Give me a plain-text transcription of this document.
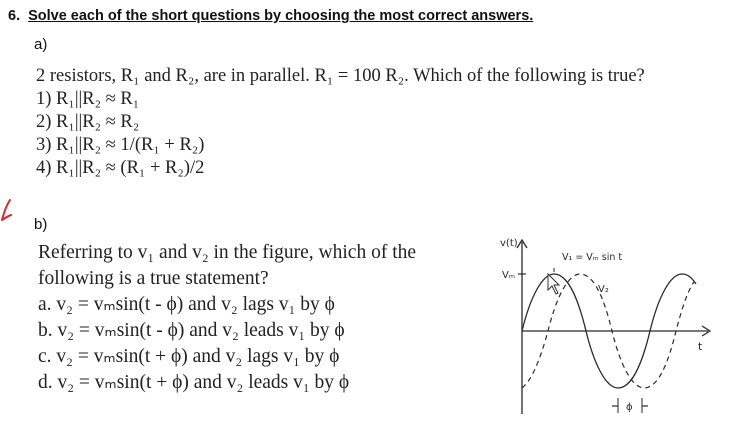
6. Solve each of the short questions by choosing the most correct answers.
a)
2 resistors, R₁ and R₂, are in parallel. R₁ = 100 R₂. Which of the following is true?
1) R₁||R₂ ≈ R₁
2) R₁||R₂ ≈ R₂
3) R₁||R₂ ≈ 1/(R₁ + R₂)
4) R₁||R₂ ≈ (R₁ + R₂)/2
b)
Referring to v₁ and v₂ in the figure, which of the
following is a true statement?
a. v₂ = vₘsin(t - ϕ) and v₂ lags v₁ by ϕ
b. v₂ = vₘsin(t - ϕ) and v₂ leads v₁ by ϕ
c. v₂ = vₘsin(t + ϕ) and v₂ lags v₁ by ϕ
d. v₂ = vₘsin(t + ϕ) and v₂ leads v₁ by ϕ
v(t)
Vₘ
V₁ = Vₘ sin t
V₂
t
ϕ
